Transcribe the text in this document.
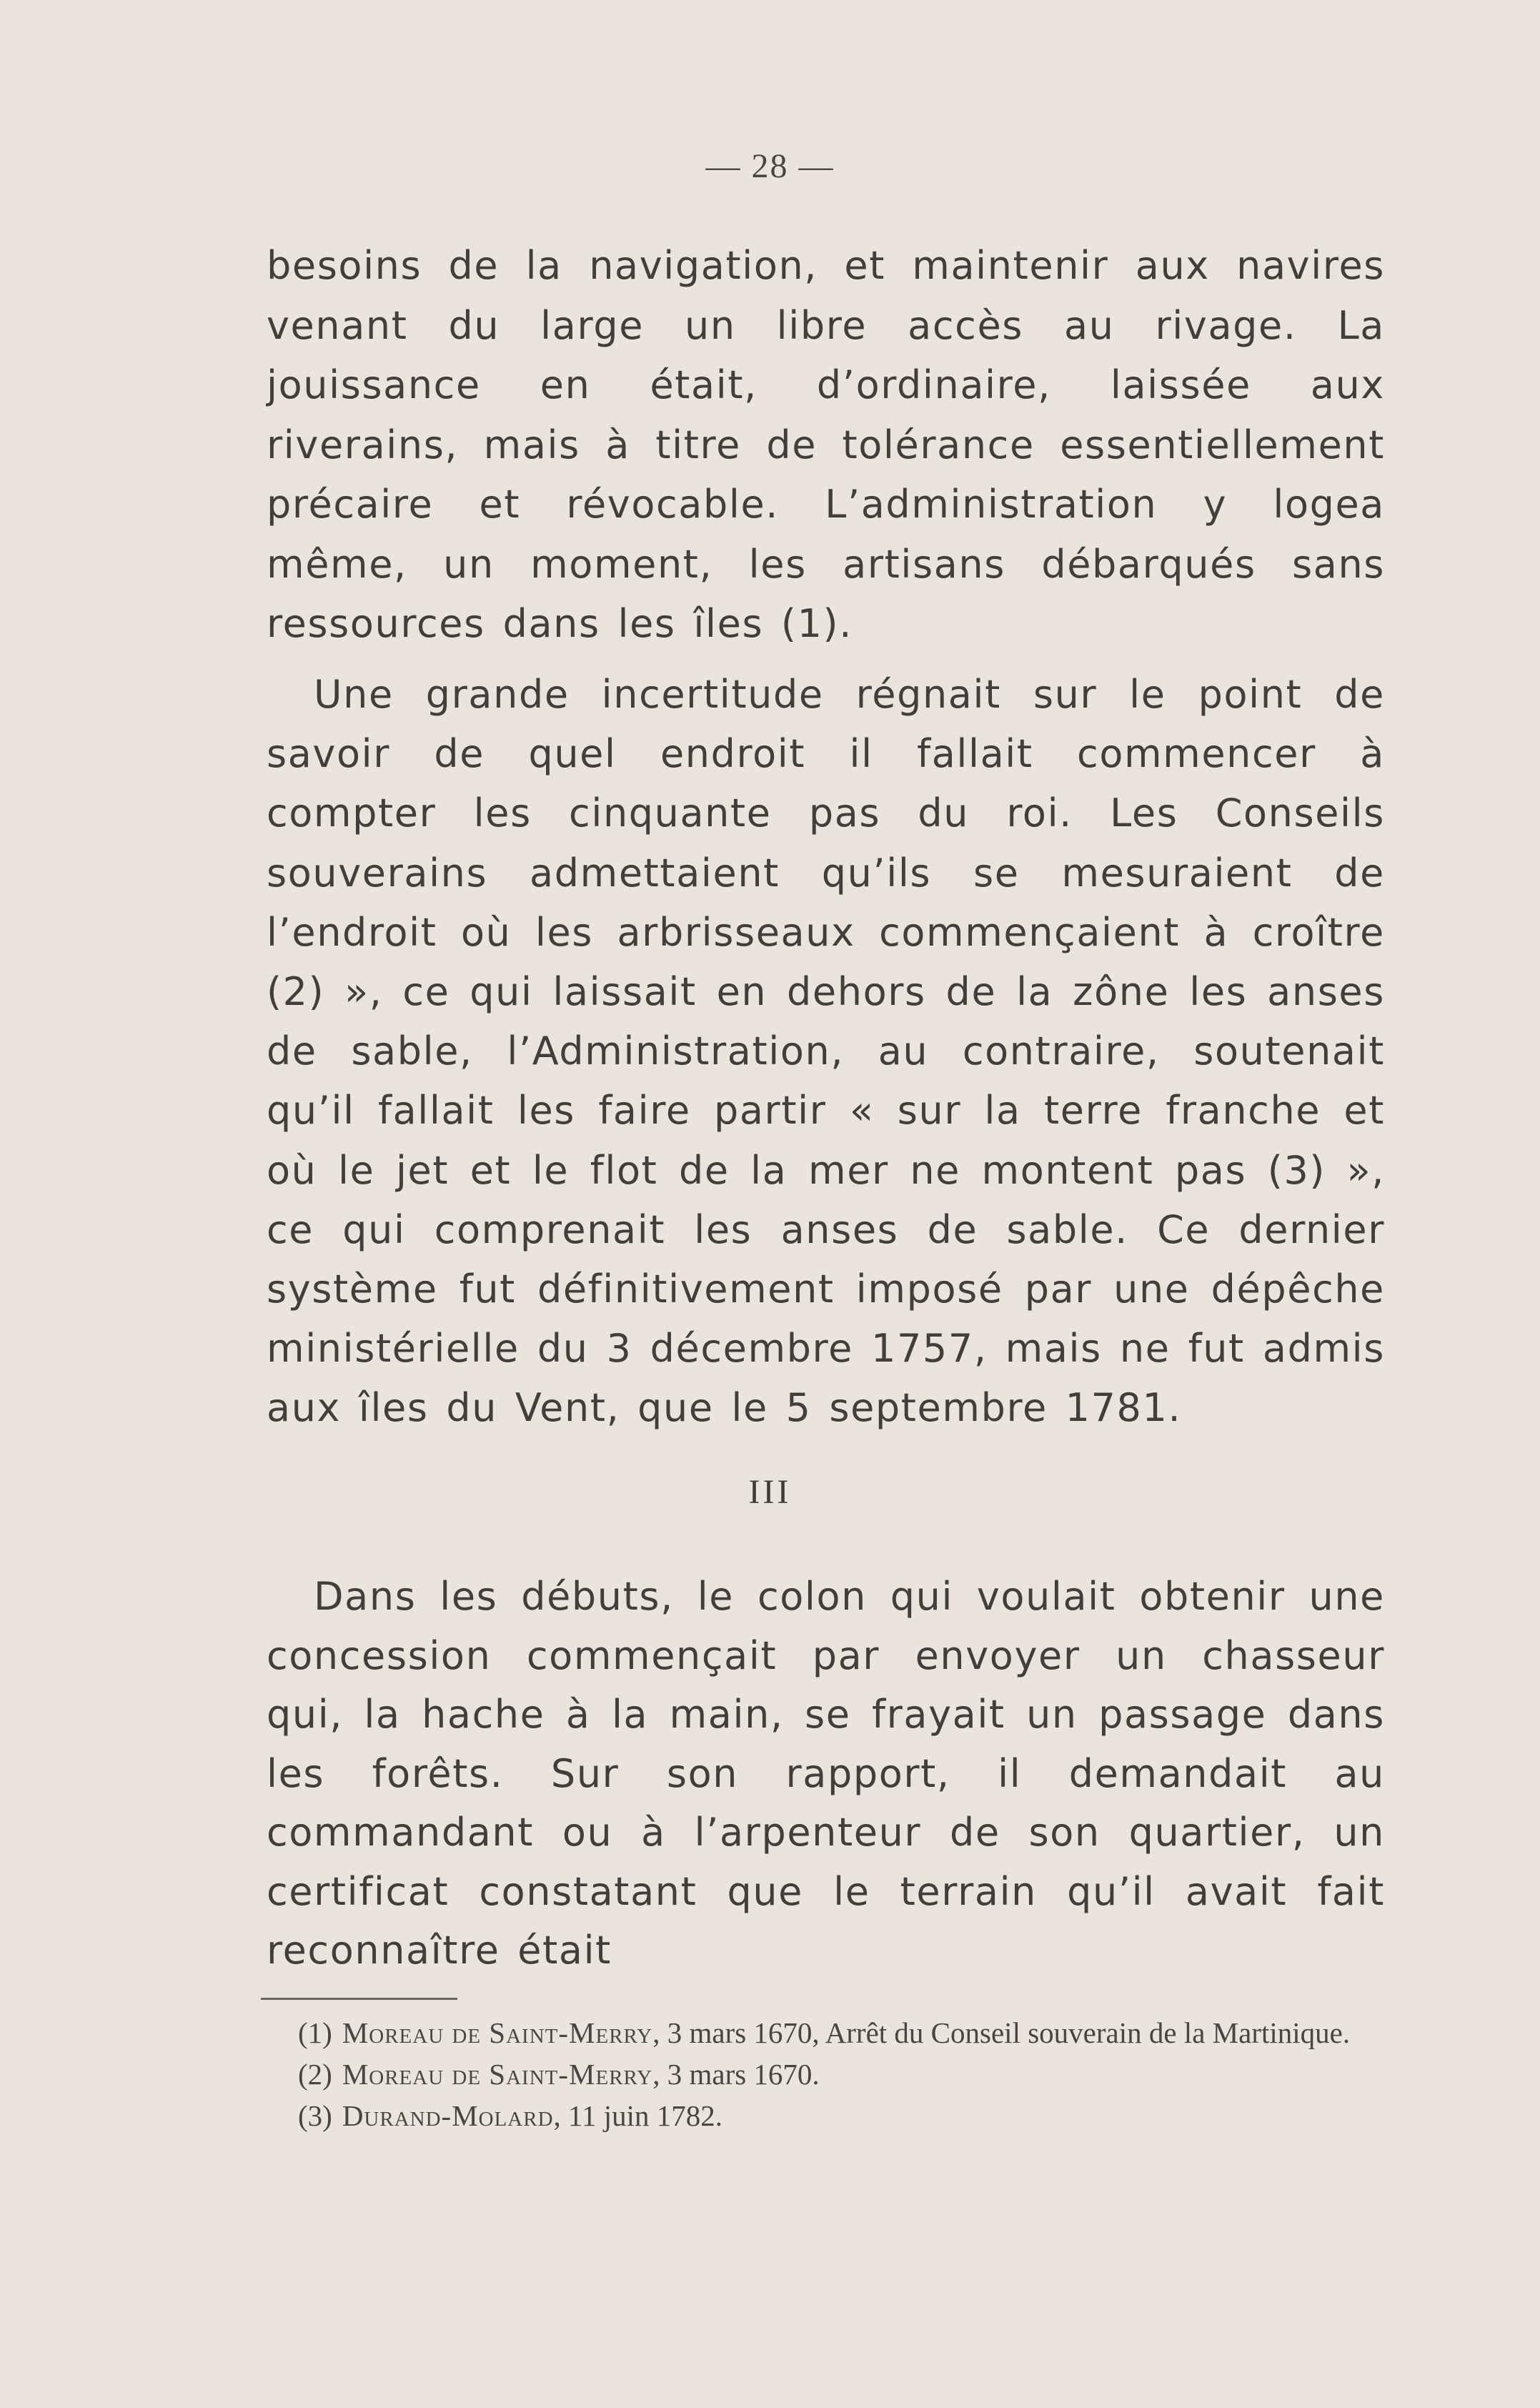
— 28 —

besoins de la navigation, et maintenir aux navires venant du large un libre accès au rivage. La jouissance en était, d’ordinaire, laissée aux riverains, mais à titre de tolérance essentiellement précaire et révocable. L’administration y logea même, un moment, les artisans débarqués sans ressources dans les îles (1).

Une grande incertitude régnait sur le point de savoir de quel endroit il fallait commencer à compter les cinquante pas du roi. Les Conseils souverains admettaient qu’ils se mesuraient de l’endroit où les arbrisseaux commençaient à croître (2) », ce qui laissait en dehors de la zône les anses de sable, l’Administration, au contraire, soutenait qu’il fallait les faire partir « sur la terre franche et où le jet et le flot de la mer ne montent pas (3) », ce qui comprenait les anses de sable. Ce dernier système fut définitivement imposé par une dépêche ministérielle du 3 décembre 1757, mais ne fut admis aux îles du Vent, que le 5 septembre 1781.

III

Dans les débuts, le colon qui voulait obtenir une concession commençait par envoyer un chasseur qui, la hache à la main, se frayait un passage dans les forêts. Sur son rapport, il demandait au commandant ou à l’arpenteur de son quartier, un certificat constatant que le terrain qu’il avait fait reconnaître était

(1) Moreau de Saint-Merry, 3 mars 1670, Arrêt du Conseil souverain de la Martinique.

(2) Moreau de Saint-Merry, 3 mars 1670.

(3) Durand-Molard, 11 juin 1782.
